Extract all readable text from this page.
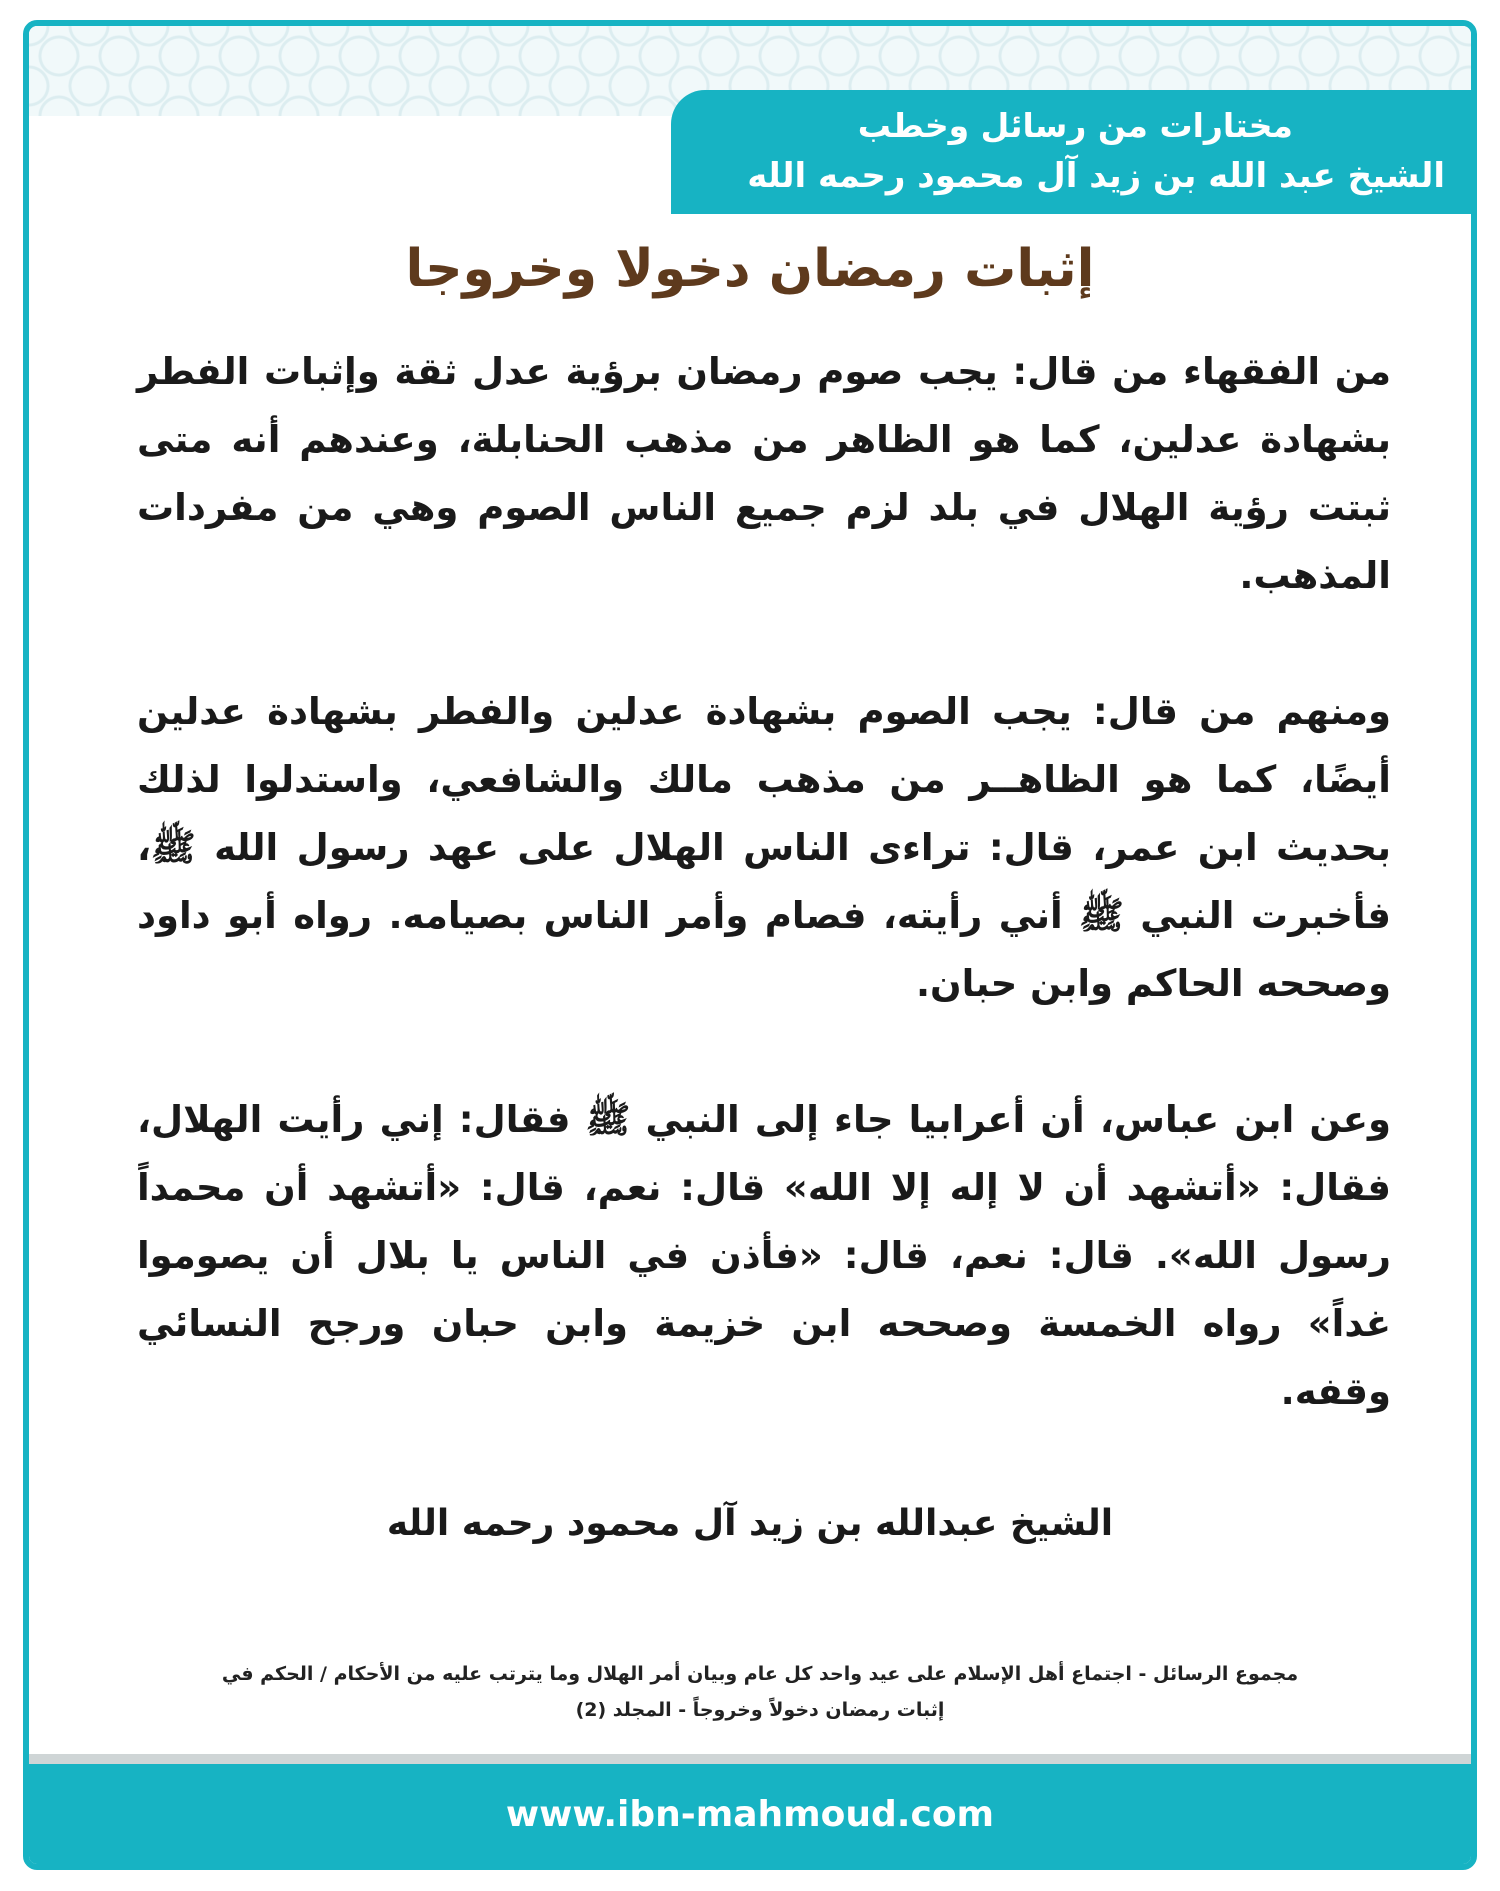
مختارات من رسائل وخطب
الشيخ عبد الله بن زيد آل محمود رحمه الله
إثبات رمضان دخولا وخروجا

من الفقهاء من قال: يجب صوم رمضان برؤية عدل ثقة وإثبات الفطر بشهادة عدلين، كما هو الظاهر من مذهب الحنابلة، وعندهم أنه متى ثبتت رؤية الهلال في بلد لزم جميع الناس الصوم وهي من مفردات المذهب.

ومنهم من قال: يجب الصوم بشهادة عدلين والفطر بشهادة عدلين أيضًا، كما هو الظاهــر من مذهب مالك والشافعي، واستدلوا لذلك بحديث ابن عمر، قال: تراءى الناس الهلال على عهد رسول الله ﷺ، فأخبرت النبي ﷺ أني رأيته، فصام وأمر الناس بصيامه. رواه أبو داود وصححه الحاكم وابن حبان.

وعن ابن عباس، أن أعرابيا جاء إلى النبي ﷺ فقال: إني رأيت الهلال، فقال: «أتشهد أن لا إله إلا الله» قال: نعم، قال: «أتشهد أن محمداً رسول الله». قال: نعم، قال: «فأذن في الناس يا بلال أن يصوموا غداً» رواه الخمسة وصححه ابن خزيمة وابن حبان ورجح النسائي وقفه.

الشيخ عبدالله بن زيد آل محمود رحمه الله
مجموع الرسائل - اجتماع أهل الإسلام على عيد واحد كل عام وبيان أمر الهلال وما يترتب عليه من الأحكام / الحكم في
إثبات رمضان دخولاً وخروجاً - المجلد (2)
www.ibn-mahmoud.com
